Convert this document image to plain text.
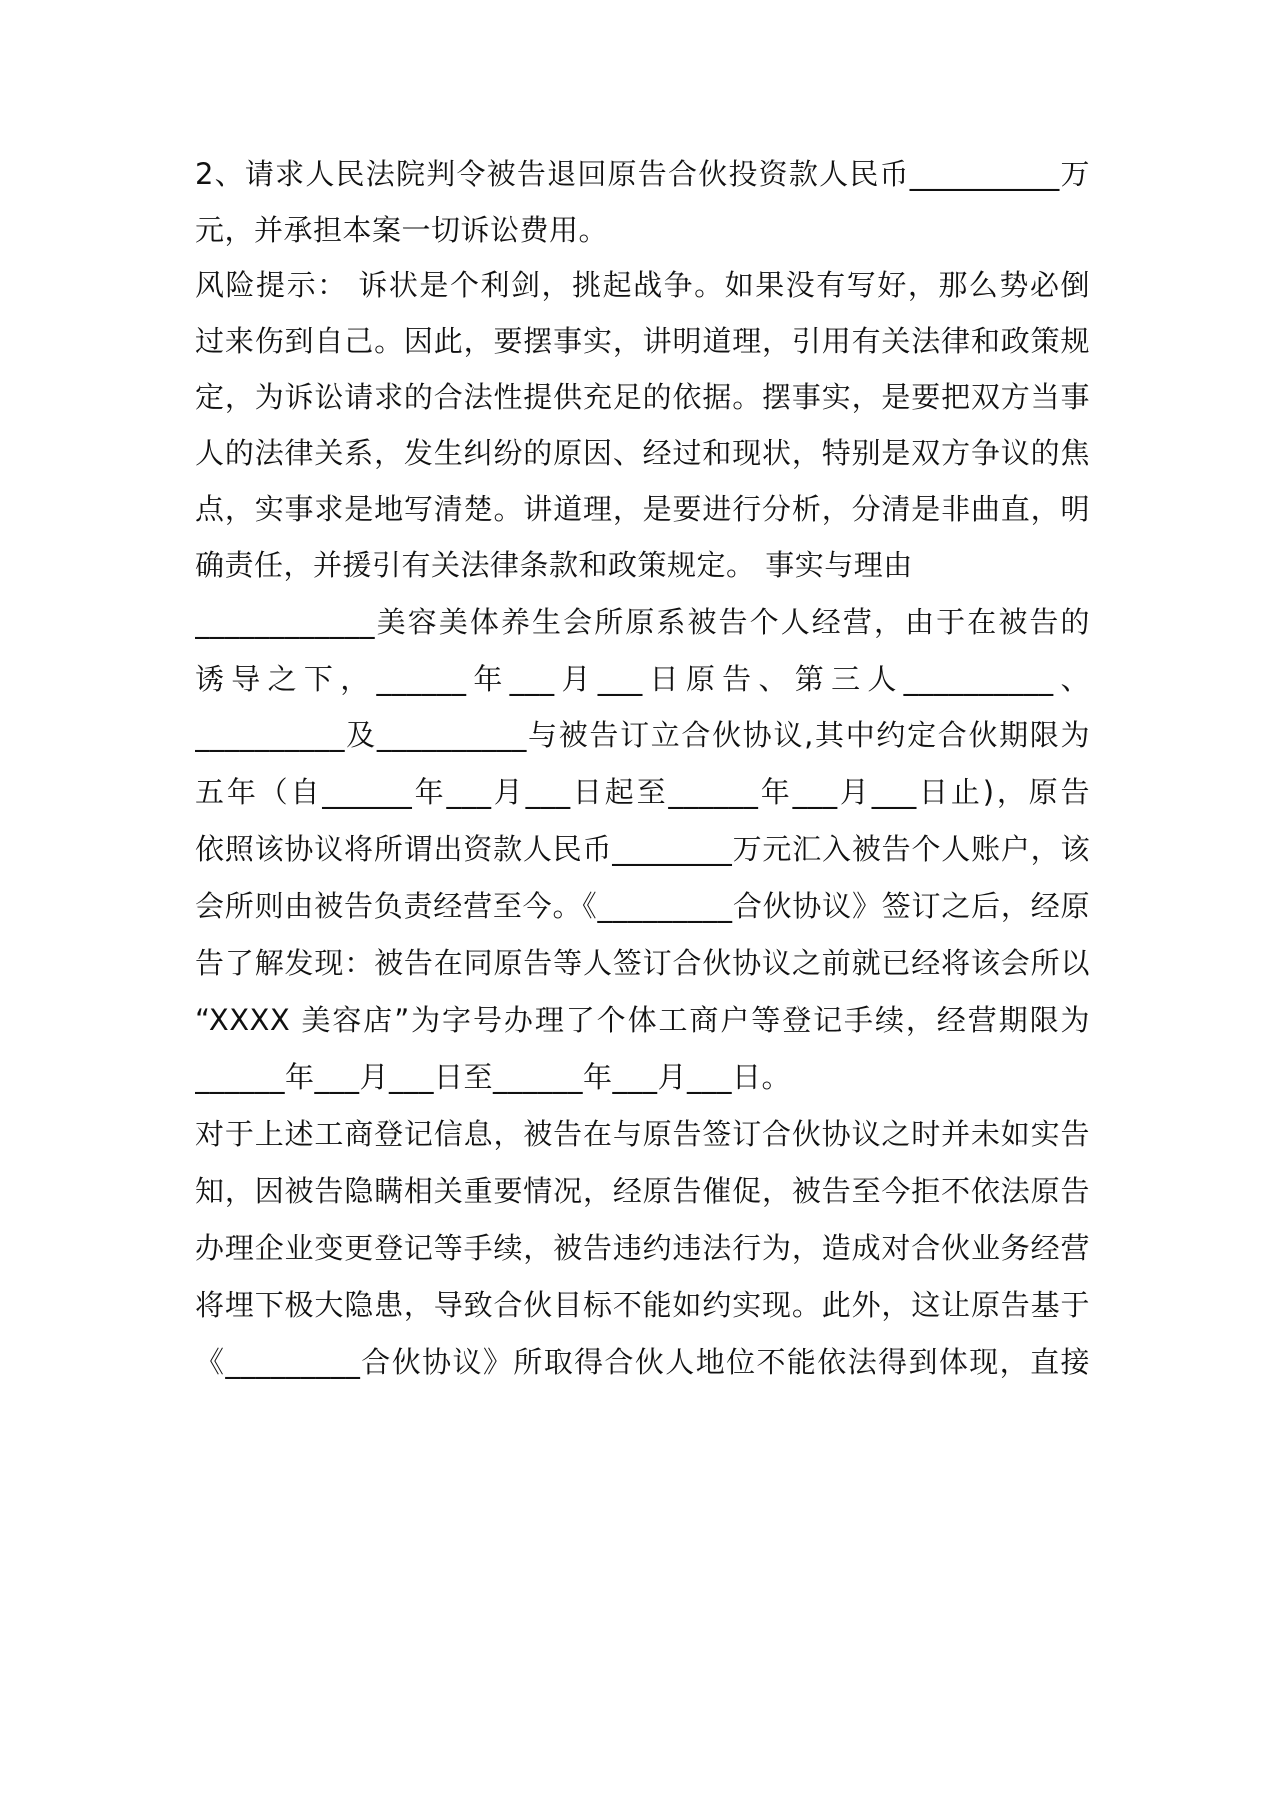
2、请求人民法院判令被告退回原告合伙投资款人民币__________万
元，并承担本案一切诉讼费用。
风险提示： 诉状是个利剑，挑起战争。如果没有写好，那么势必倒
过来伤到自己。因此，要摆事实，讲明道理，引用有关法律和政策规
定，为诉讼请求的合法性提供充足的依据。摆事实，是要把双方当事
人的法律关系，发生纠纷的原因、经过和现状，特别是双方争议的焦
点，实事求是地写清楚。讲道理，是要进行分析，分清是非曲直，明
确责任，并援引有关法律条款和政策规定。 事实与理由
____________美容美体养生会所原系被告个人经营，由于在被告的
诱导之下，______年___月___日原告、第三人__________、
__________及__________与被告订立合伙协议,其中约定合伙期限为
五年（自______年___月___日起至______年___月___日止)，原告
依照该协议将所谓出资款人民币________万元汇入被告个人账户，该
会所则由被告负责经营至今。《_________合伙协议》签订之后，经原
告了解发现：被告在同原告等人签订合伙协议之前就已经将该会所以
“XXXX 美容店”为字号办理了个体工商户等登记手续，经营期限为
______年___月___日至______年___月___日。
对于上述工商登记信息，被告在与原告签订合伙协议之时并未如实告
知，因被告隐瞒相关重要情况，经原告催促，被告至今拒不依法原告
办理企业变更登记等手续，被告违约违法行为，造成对合伙业务经营
将埋下极大隐患，导致合伙目标不能如约实现。此外，这让原告基于
《_________合伙协议》所取得合伙人地位不能依法得到体现，直接
